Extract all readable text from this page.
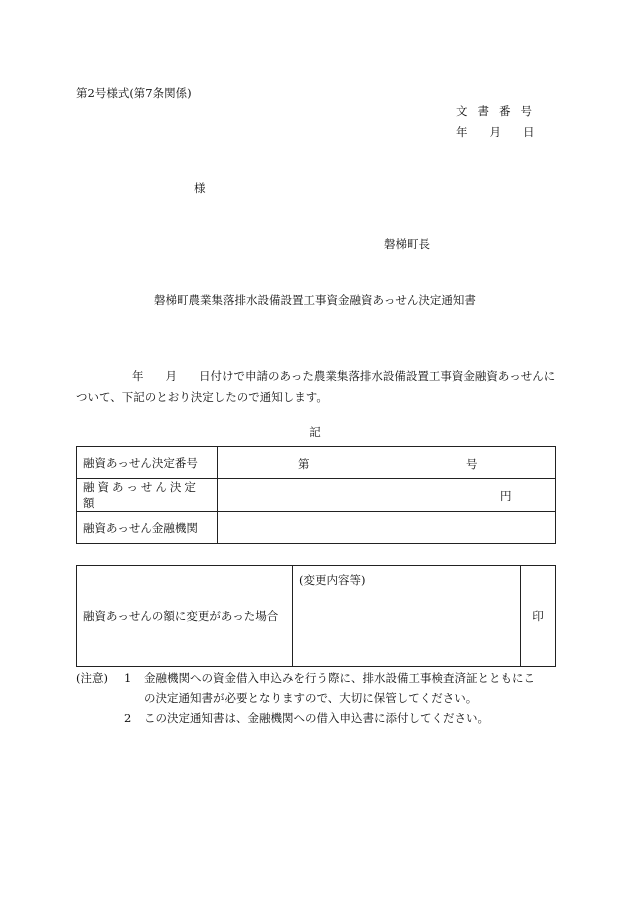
第2号様式(第7条関係)
文書番号
年 月 日
様
磐梯町長
磐梯町農業集落排水設備設置工事資金融資あっせん決定通知書
年 月 日付けで申請のあった農業集落排水設備設置工事資金融資あっせんについて、下記のとおり決定したので通知します。
記
融資あっせん決定番号	第 号

融資あっせん決定額	円

融資あっせん金融機関	
融資あっせんの額に変更があった場合	(変更内容等)	印
(注意)	1	金融機関への資金借入申込みを行う際に、排水設備工事検査済証とともにこ
の決定通知書が必要となりますので、大切に保管してください。
2	この決定通知書は、金融機関への借入申込書に添付してください。
